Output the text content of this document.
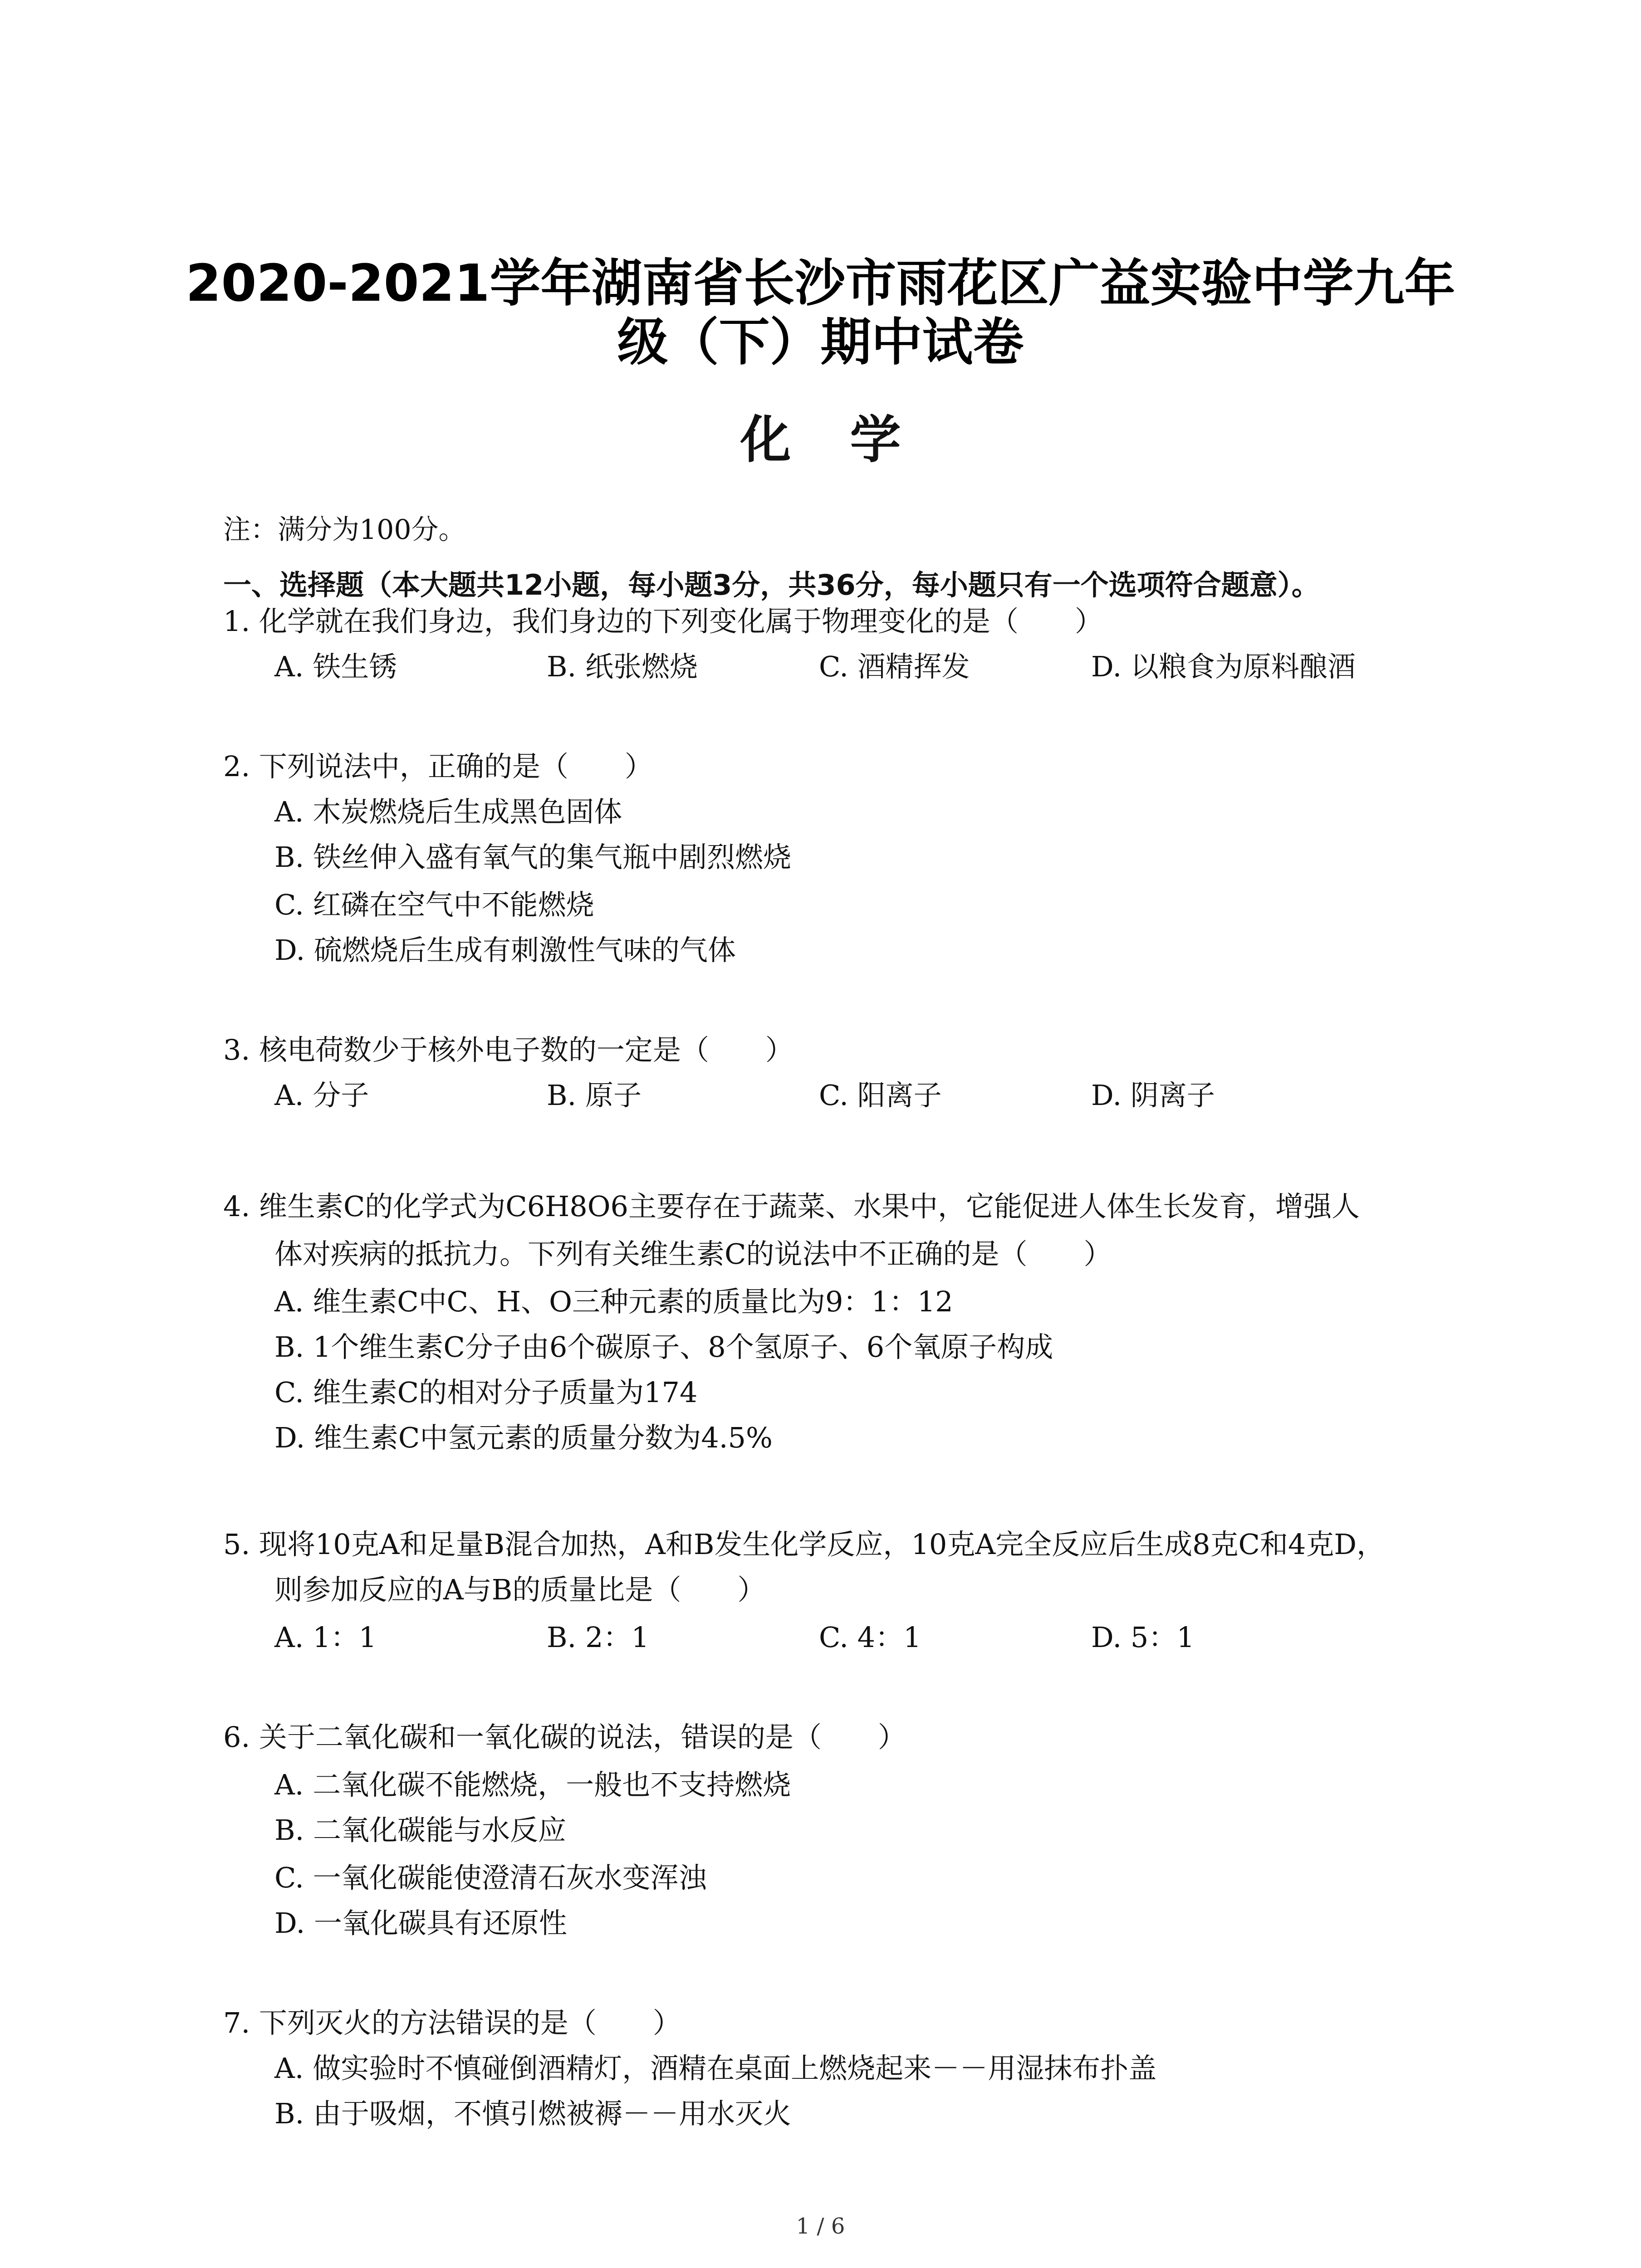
2020-2021学年湖南省长沙市雨花区广益实验中学九年
级（下）期中试卷
化学
注：满分为100分。
一、选择题（本大题共12小题，每小题3分，共36分，每小题只有一个选项符合题意）。
1. 化学就在我们身边，我们身边的下列变化属于物理变化的是（　　）
A. 铁生锈	B. 纸张燃烧	C. 酒精挥发	D. 以粮食为原料酿酒
2. 下列说法中，正确的是（　　）
A. 木炭燃烧后生成黑色固体
B. 铁丝伸入盛有氧气的集气瓶中剧烈燃烧
C. 红磷在空气中不能燃烧
D. 硫燃烧后生成有刺激性气味的气体
3. 核电荷数少于核外电子数的一定是（　　）
A. 分子	B. 原子	C. 阳离子	D. 阴离子
4. 维生素C的化学式为C6H8O6主要存在于蔬菜、水果中，它能促进人体生长发育，增强人
体对疾病的抵抗力。下列有关维生素C的说法中不正确的是（　　）
A. 维生素C中C、H、O三种元素的质量比为9：1：12
B. 1个维生素C分子由6个碳原子、8个氢原子、6个氧原子构成
C. 维生素C的相对分子质量为174
D. 维生素C中氢元素的质量分数为4.5%
5. 现将10克A和足量B混合加热，A和B发生化学反应，10克A完全反应后生成8克C和4克D，
则参加反应的A与B的质量比是（　　）
A. 1：1	B. 2：1	C. 4：1	D. 5：1
6. 关于二氧化碳和一氧化碳的说法，错误的是（　　）
A. 二氧化碳不能燃烧，一般也不支持燃烧
B. 二氧化碳能与水反应
C. 一氧化碳能使澄清石灰水变浑浊
D. 一氧化碳具有还原性
7. 下列灭火的方法错误的是（　　）
A. 做实验时不慎碰倒酒精灯，酒精在桌面上燃烧起来－－用湿抹布扑盖
B. 由于吸烟，不慎引燃被褥－－用水灭火
1 / 6
